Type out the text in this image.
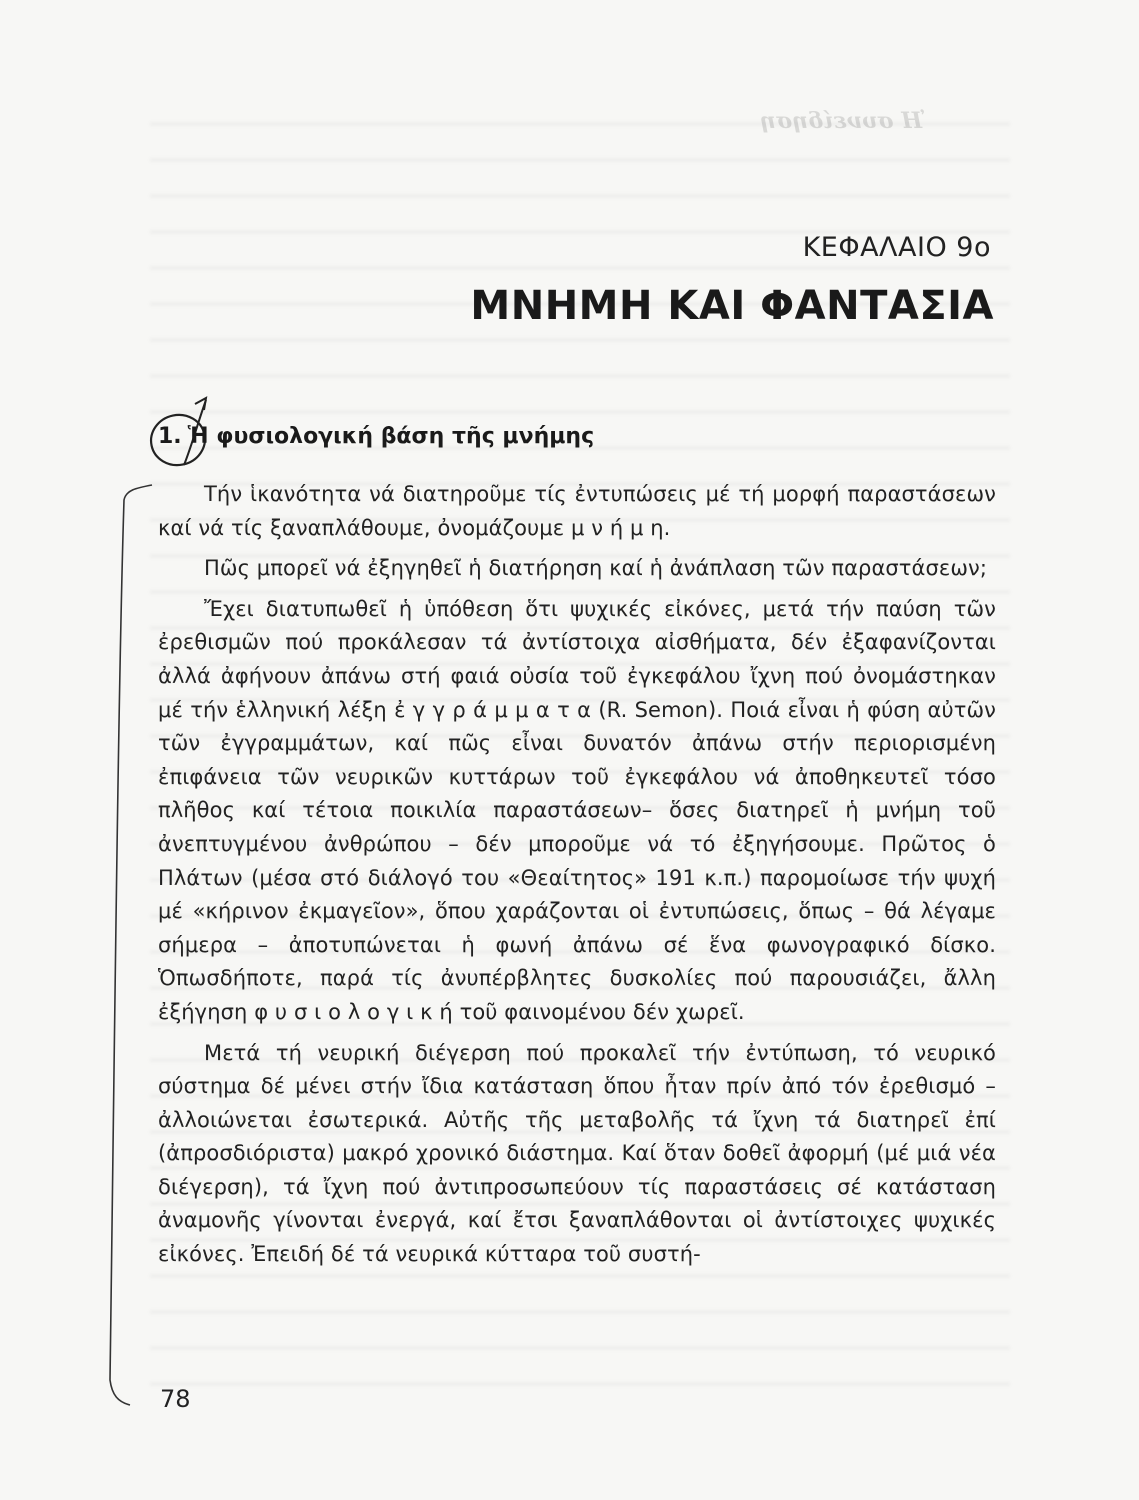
Ἡ συνείδηση
ΚΕΦΑΛΑΙΟ 9ο
ΜΝΗΜΗ ΚΑΙ ΦΑΝΤΑΣΙΑ
1. Ἡ φυσιολογική βάση τῆς μνήμης

Τήν ἱκανότητα νά διατηροῦμε τίς ἐντυπώσεις μέ τή μορφή παραστάσεων καί νά τίς ξαναπλάθουμε, ὀνομάζουμε μ ν ή μ η.

Πῶς μπορεῖ νά ἐξηγηθεῖ ἡ διατήρηση καί ἡ ἀνάπλαση τῶν παραστάσεων;

Ἔχει διατυπωθεῖ ἡ ὑπόθεση ὅτι ψυχικές εἰκόνες, μετά τήν παύση τῶν ἐρεθισμῶν πού προκάλεσαν τά ἀντίστοιχα αἰσθήματα, δέν ἐξαφανίζονται ἀλλά ἀφήνουν ἀπάνω στή φαιά οὐσία τοῦ ἐγκεφάλου ἴχνη πού ὀνομάστηκαν μέ τήν ἑλληνική λέξη ἐ γ γ ρ ά μ μ α τ α (R. Semon). Ποιά εἶναι ἡ φύση αὐτῶν τῶν ἐγγραμμάτων, καί πῶς εἶναι δυνατόν ἀπάνω στήν περιορισμένη ἐπιφάνεια τῶν νευρικῶν κυττάρων τοῦ ἐγκεφάλου νά ἀποθηκευτεῖ τόσο πλῆθος καί τέτοια ποικιλία παραστάσεων– ὅσες διατηρεῖ ἡ μνήμη τοῦ ἀνεπτυγμένου ἀνθρώπου – δέν μποροῦμε νά τό ἐξηγήσουμε. Πρῶτος ὁ Πλάτων (μέσα στό διάλογό του «Θεαίτητος» 191 κ.π.) παρομοίωσε τήν ψυχή μέ «κήρινον ἐκμαγεῖον», ὅπου χαράζονται οἱ ἐντυπώσεις, ὅπως – θά λέγαμε σήμερα – ἀποτυπώνεται ἡ φωνή ἀπάνω σέ ἕνα φωνογραφικό δίσκο. Ὁπωσδήποτε, παρά τίς ἀνυπέρβλητες δυσκολίες πού παρουσιάζει, ἄλλη ἐξήγηση φ υ σ ι ο λ ο γ ι κ ή τοῦ φαινομένου δέν χωρεῖ.

Μετά τή νευρική διέγερση πού προκαλεῖ τήν ἐντύπωση, τό νευρικό σύστημα δέ μένει στήν ἴδια κατάσταση ὅπου ἦταν πρίν ἀπό τόν ἐρεθισμό – ἀλλοιώνεται ἐσωτερικά. Αὐτῆς τῆς μεταβολῆς τά ἴχνη τά διατηρεῖ ἐπί (ἀπροσδιόριστα) μακρό χρονικό διάστημα. Καί ὅταν δοθεῖ ἀφορμή (μέ μιά νέα διέγερση), τά ἴχνη πού ἀντιπροσωπεύουν τίς παραστάσεις σέ κατάσταση ἀναμονῆς γίνονται ἐνεργά, καί ἔτσι ξαναπλάθονται οἱ ἀντίστοιχες ψυχικές εἰκόνες. Ἐπειδή δέ τά νευρικά κύτταρα τοῦ συστή-

78
